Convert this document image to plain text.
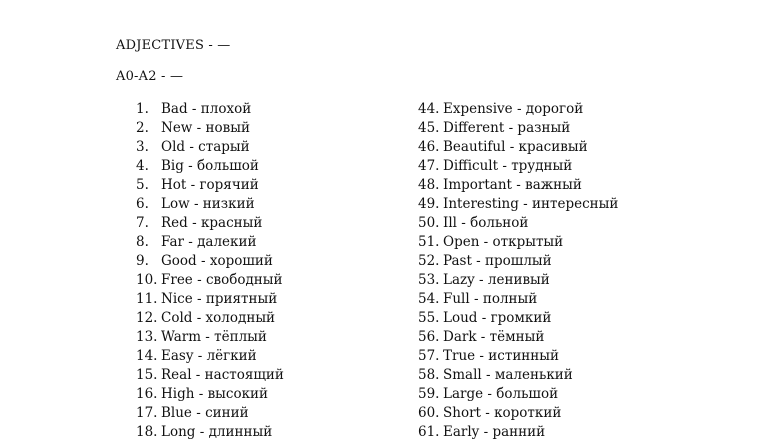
ADJECTIVES - —
A0-A2 - —
1. Bad - плохой
2. New - новый
3. Old - старый
4. Big - большой
5. Hot - горячий
6. Low - низкий
7. Red - красный
8. Far - далекий
9. Good - хороший
10. Free - свободный
11. Nice - приятный
12. Cold - холодный
13. Warm - тёплый
14. Easy - лёгкий
15. Real - настоящий
16. High - высокий
17. Blue - синий
18. Long - длинный
44. Expensive - дорогой
45. Different - разный
46. Beautiful - красивый
47. Difficult - трудный
48. Important - важный
49. Interesting - интересный
50. Ill - больной
51. Open - открытый
52. Past - прошлый
53. Lazy - ленивый
54. Full - полный
55. Loud - громкий
56. Dark - тёмный
57. True - истинный
58. Small - маленький
59. Large - большой
60. Short - короткий
61. Early - ранний
